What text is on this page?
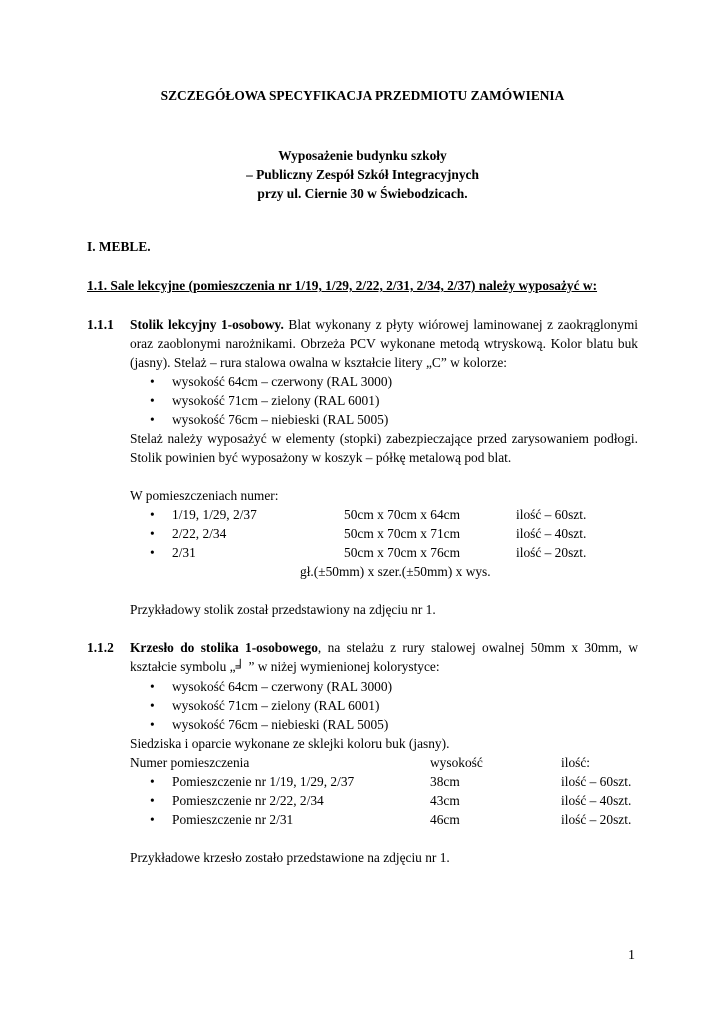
SZCZEGÓŁOWA SPECYFIKACJA PRZEDMIOTU ZAMÓWIENIA
Wyposażenie budynku szkoły
– Publiczny Zespół Szkół Integracyjnych
przy ul. Ciernie 30 w Świebodzicach.
I. MEBLE.
1.1. Sale lekcyjne (pomieszczenia nr 1/19, 1/29, 2/22, 2/31, 2/34, 2/37) należy wyposażyć w:
1.1.1 Stolik lekcyjny 1-osobowy. Blat wykonany z płyty wiórowej laminowanej z zaokrąglonymi
oraz zaoblonymi narożnikami. Obrzeża PCV wykonane metodą wtryskową. Kolor blatu buk
(jasny). Stelaż – rura stalowa owalna w kształcie litery „C” w kolorze:
• wysokość 64cm – czerwony (RAL 3000)
• wysokość 71cm – zielony (RAL 6001)
• wysokość 76cm – niebieski (RAL 5005)
Stelaż należy wyposażyć w elementy (stopki) zabezpieczające przed zarysowaniem podłogi.
Stolik powinien być wyposażony w koszyk – półkę metalową pod blat.
W pomieszczeniach numer:
• 1/19, 1/29, 2/37	50cm x 70cm x 64cm	ilość – 60szt.
• 2/22, 2/34	50cm x 70cm x 71cm	ilość – 40szt.
• 2/31	50cm x 70cm x 76cm	ilość – 20szt.
gł.(±50mm) x szer.(±50mm) x wys.
Przykładowy stolik został przedstawiony na zdjęciu nr 1.
1.1.2 Krzesło do stolika 1-osobowego, na stelażu z rury stalowej owalnej 50mm x 30mm, w
kształcie symbolu „╛ ” w niżej wymienionej kolorystyce:
• wysokość 64cm – czerwony (RAL 3000)
• wysokość 71cm – zielony (RAL 6001)
• wysokość 76cm – niebieski (RAL 5005)
Siedziska i oparcie wykonane ze sklejki koloru buk (jasny).
Numer pomieszczenia	wysokość	ilość:
• Pomieszczenie nr 1/19, 1/29, 2/37	38cm	ilość – 60szt.
• Pomieszczenie nr 2/22, 2/34	43cm	ilość – 40szt.
• Pomieszczenie nr 2/31	46cm	ilość – 20szt.
Przykładowe krzesło zostało przedstawione na zdjęciu nr 1.
1
